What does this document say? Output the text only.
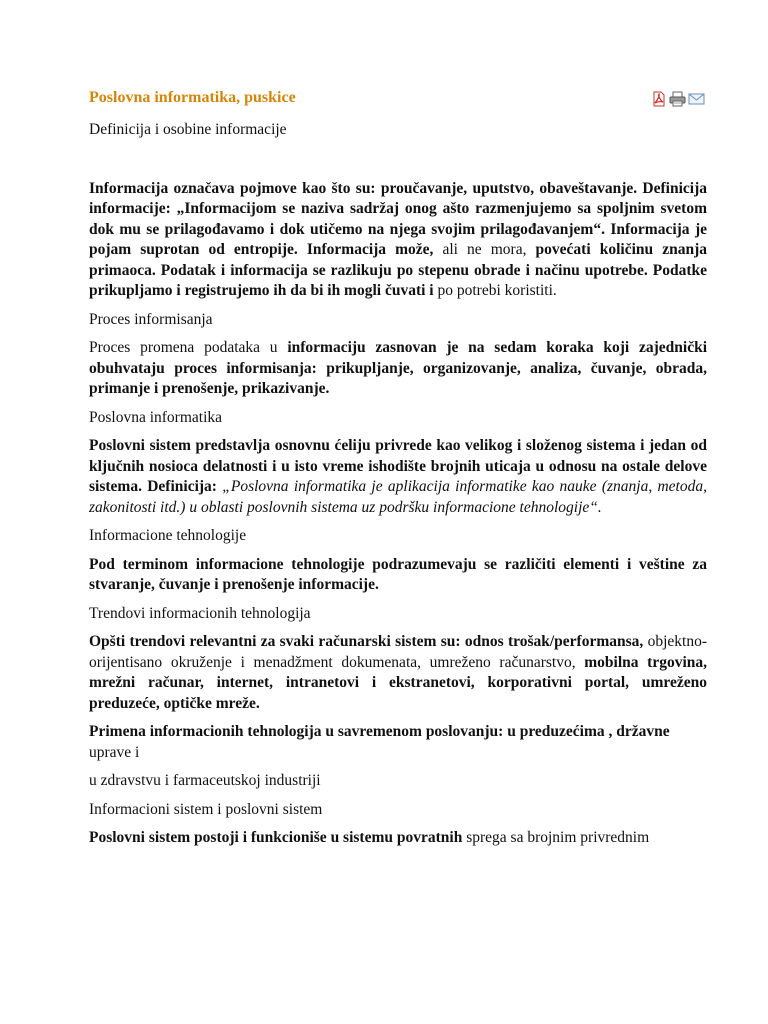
Poslovna informatika, puskice

Definicija i osobine informacije

Informacija označava pojmove kao što su: proučavanje, uputstvo, obaveštavanje. Definicija informacije: „Informacijom se naziva sadržaj onog ašto razmenjujemo sa spoljnim svetom dok mu se prilagođavamo i dok utičemo na njega svojim prilagođavanjem“. Informacija je pojam suprotan od entropije. Informacija može, ali ne mora, povećati količinu znanja primaoca. Podatak i informacija se razlikuju po stepenu obrade i načinu upotrebe. Podatke prikupljamo i registrujemo ih da bi ih mogli čuvati i po potrebi koristiti.

Proces informisanja

Proces promena podataka u informaciju zasnovan je na sedam koraka koji zajednički obuhvataju proces informisanja: prikupljanje, organizovanje, analiza, čuvanje, obrada, primanje i prenošenje, prikazivanje.

Poslovna informatika

Poslovni sistem predstavlja osnovnu ćeliju privrede kao velikog i složenog sistema i jedan od ključnih nosioca delatnosti i u isto vreme ishodište brojnih uticaja u odnosu na ostale delove sistema. Definicija: „Poslovna informatika je aplikacija informatike kao nauke (znanja, metoda, zakonitosti itd.) u oblasti poslovnih sistema uz podršku informacione tehnologije“.

Informacione tehnologije

Pod terminom informacione tehnologije podrazumevaju se različiti elementi i veštine za stvaranje, čuvanje i prenošenje informacije.

Trendovi informacionih tehnologija

Opšti trendovi relevantni za svaki računarski sistem su: odnos trošak/performansa, objektno-orijentisano okruženje i menadžment dokumenata, umreženo računarstvo, mobilna trgovina, mrežni računar, internet, intranetovi i ekstranetovi, korporativni portal, umreženo preduzeće, optičke mreže.

Primena informacionih tehnologija u savremenom poslovanju: u preduzećima , državne
uprave i

u zdravstvu i farmaceutskoj industriji

Informacioni sistem i poslovni sistem

Poslovni sistem postoji i funkcioniše u sistemu povratnih sprega sa brojnim privrednim
